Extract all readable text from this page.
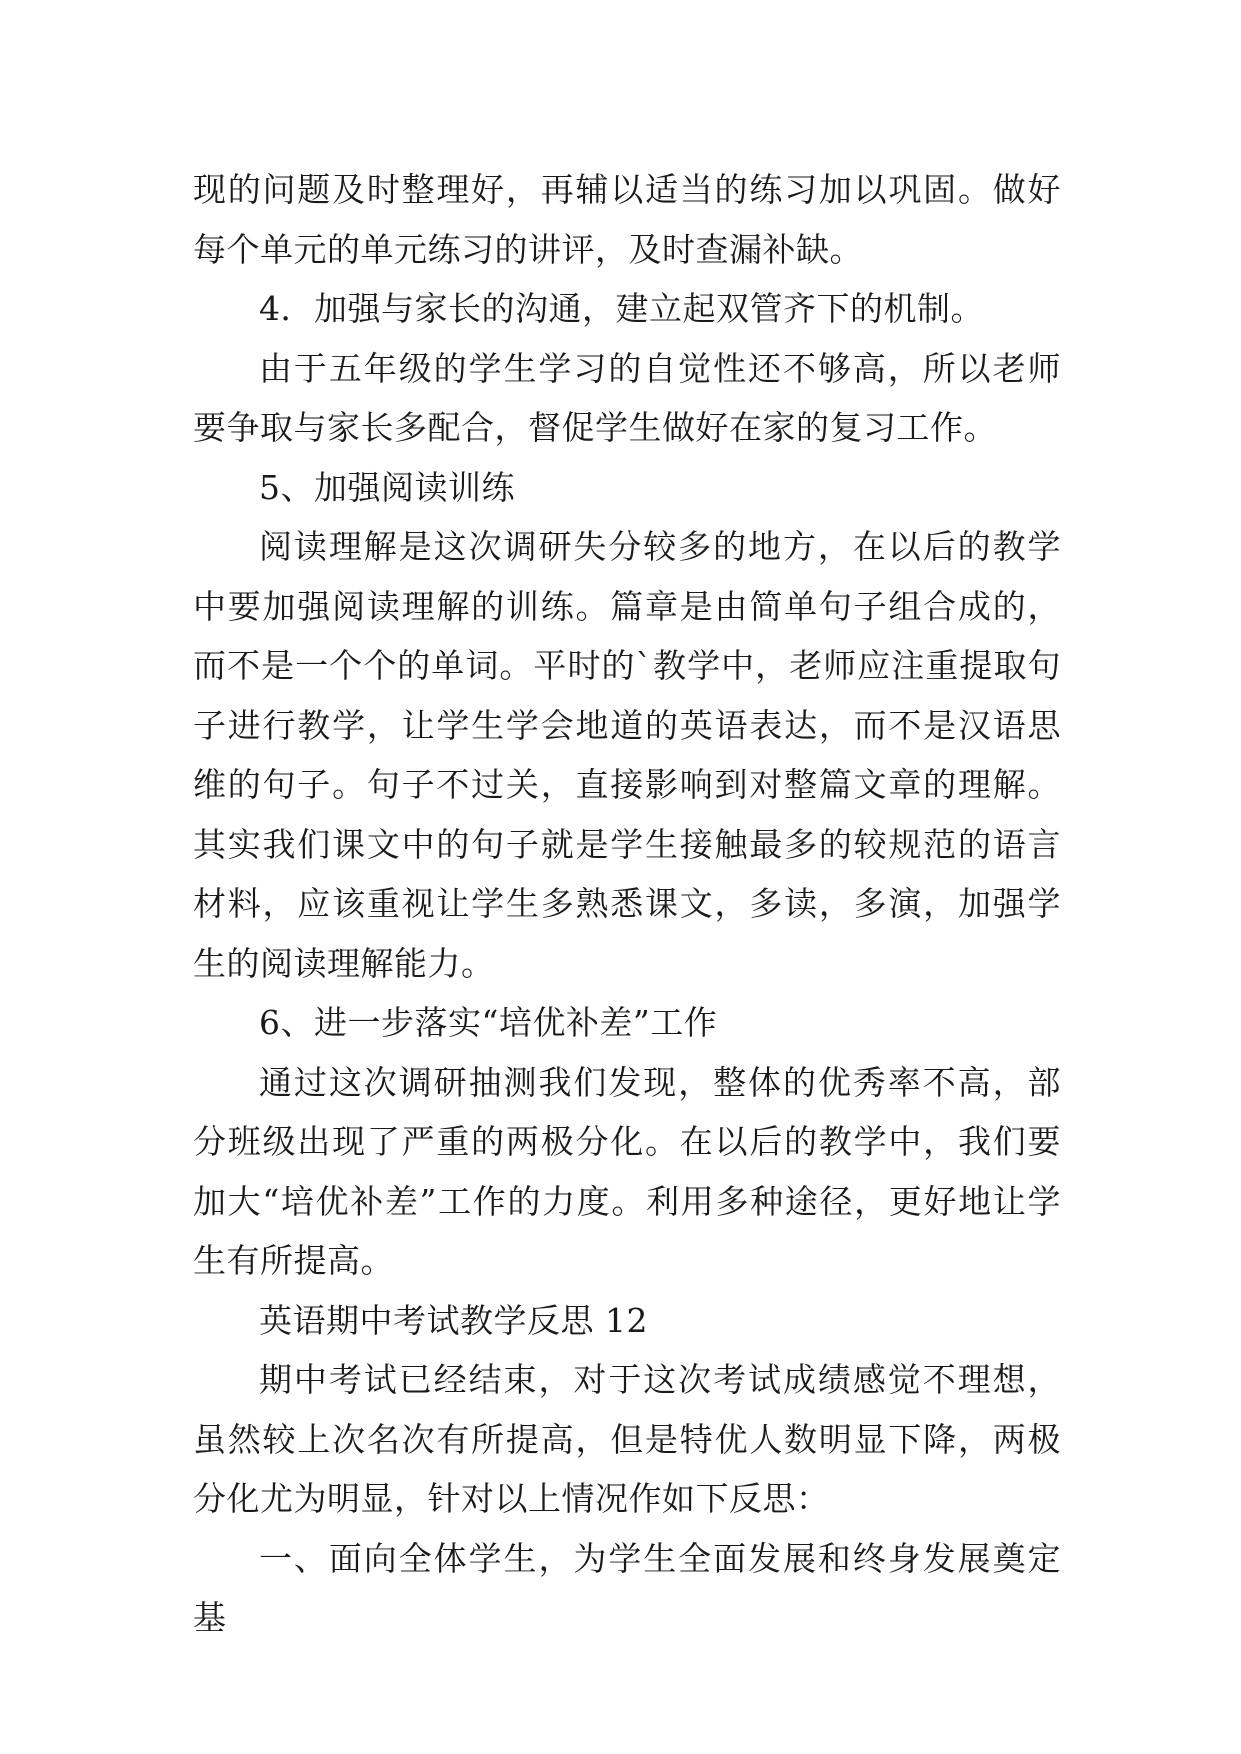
现的问题及时整理好，再辅以适当的练习加以巩固。做好每个单元的单元练习的讲评，及时查漏补缺。

4．加强与家长的沟通，建立起双管齐下的机制。

由于五年级的学生学习的自觉性还不够高，所以老师要争取与家长多配合，督促学生做好在家的复习工作。

5、加强阅读训练

阅读理解是这次调研失分较多的地方，在以后的教学中要加强阅读理解的训练。篇章是由简单句子组合成的，而不是一个个的单词。平时的`教学中，老师应注重提取句子进行教学，让学生学会地道的英语表达，而不是汉语思维的句子。句子不过关，直接影响到对整篇文章的理解。其实我们课文中的句子就是学生接触最多的较规范的语言材料，应该重视让学生多熟悉课文，多读，多演，加强学生的阅读理解能力。

6、进一步落实“培优补差”工作

通过这次调研抽测我们发现，整体的优秀率不高，部分班级出现了严重的两极分化。在以后的教学中，我们要加大“培优补差”工作的力度。利用多种途径，更好地让学生有所提高。

英语期中考试教学反思 12

期中考试已经结束，对于这次考试成绩感觉不理想，虽然较上次名次有所提高，但是特优人数明显下降，两极分化尤为明显，针对以上情况作如下反思：

一、面向全体学生，为学生全面发展和终身发展奠定基
